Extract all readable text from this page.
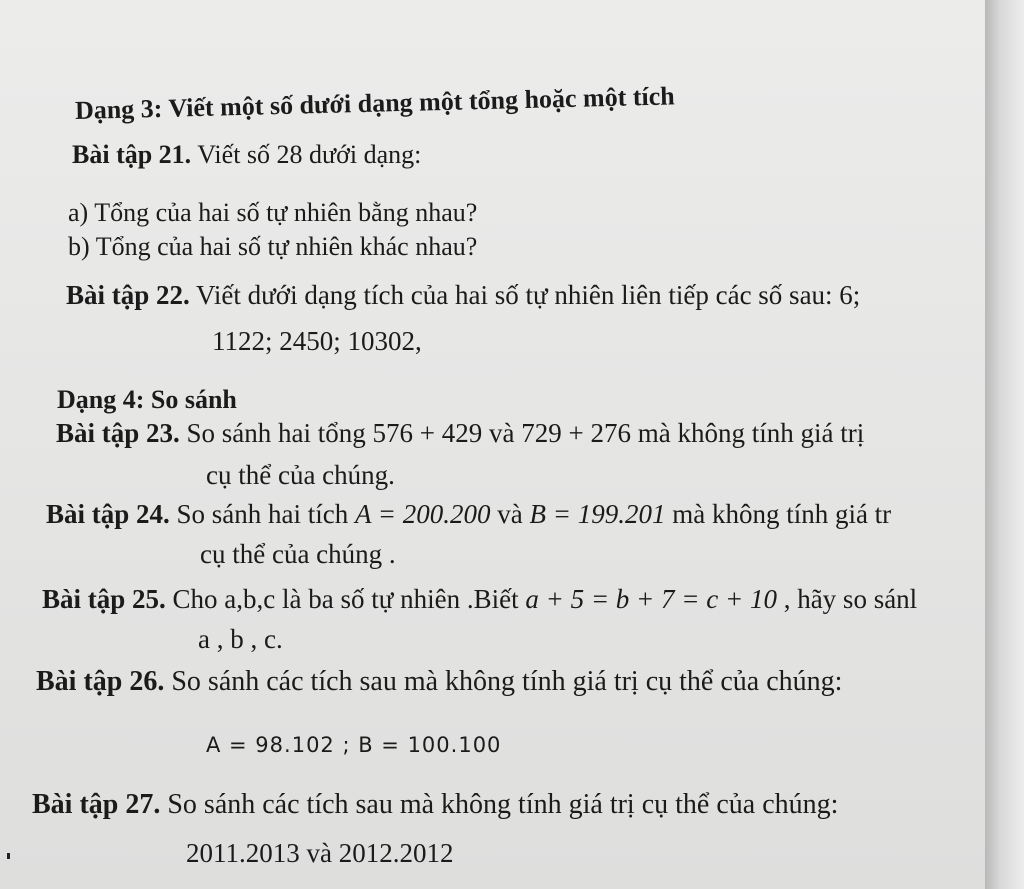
Dạng 3: Viết một số dưới dạng một tổng hoặc một tích
Bài tập 21. Viết số 28 dưới dạng:
a) Tổng của hai số tự nhiên bằng nhau?
b) Tổng của hai số tự nhiên khác nhau?
Bài tập 22. Viết dưới dạng tích của hai số tự nhiên liên tiếp các số sau: 6;
1122; 2450; 10302,
Dạng 4: So sánh
Bài tập 23. So sánh hai tổng 576 + 429 và 729 + 276 mà không tính giá trị
cụ thể của chúng.
Bài tập 24. So sánh hai tích A = 200.200 và B = 199.201 mà không tính giá tr
cụ thể của chúng .
Bài tập 25. Cho a,b,c là ba số tự nhiên .Biết a + 5 = b + 7 = c + 10 , hãy so sánl
a , b , c.
Bài tập 26. So sánh các tích sau mà không tính giá trị cụ thể của chúng:
A = 98.102 ; B = 100.100
Bài tập 27. So sánh các tích sau mà không tính giá trị cụ thể của chúng:
2011.2013 và 2012.2012
